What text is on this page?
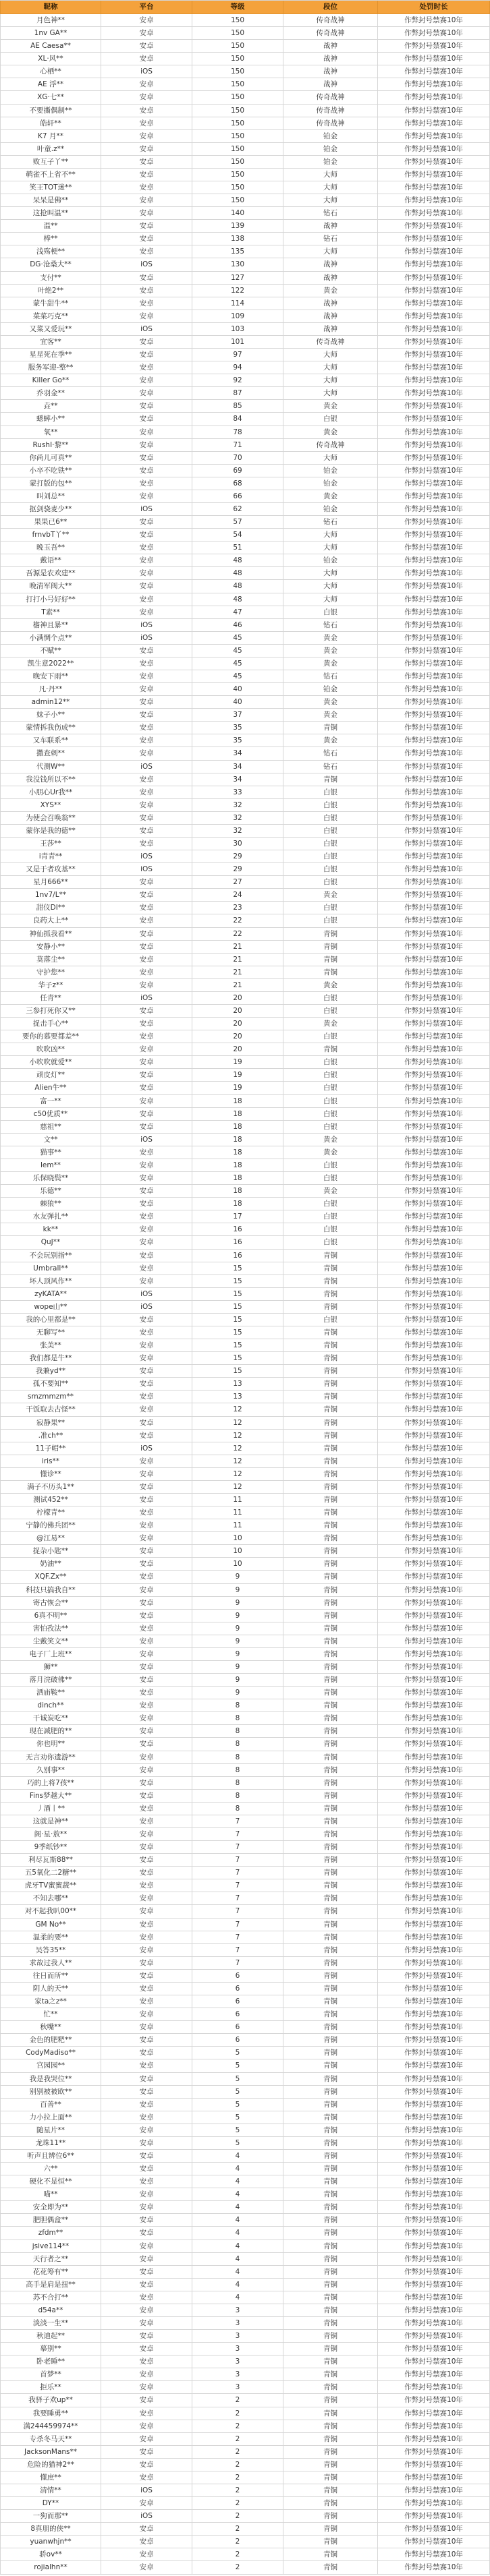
昵称	平台	等级	段位	处罚时长
月色神**	安卓	150	传奇战神	作弊封号禁赛10年
1nv GA**	安卓	150	传奇战神	作弊封号禁赛10年
AE Caesa**	安卓	150	战神	作弊封号禁赛10年
XL·风**	安卓	150	战神	作弊封号禁赛10年
心栖**	iOS	150	战神	作弊封号禁赛10年
AE 浮**	安卓	150	战神	作弊封号禁赛10年
XG·七**	安卓	150	传奇战神	作弊封号禁赛10年
不要撕偶制**	安卓	150	传奇战神	作弊封号禁赛10年
皓轩**	安卓	150	传奇战神	作弊封号禁赛10年
K7 月**	安卓	150	铂金	作弊封号禁赛10年
叶童.z**	安卓	150	铂金	作弊封号禁赛10年
败互子丫**	安卓	150	铂金	作弊封号禁赛10年
鹌雀不上省不**	安卓	150	大师	作弊封号禁赛10年
笑王TOT迷**	安卓	150	大师	作弊封号禁赛10年
呆呆是佛**	安卓	150	大师	作弊封号禁赛10年
这抢叫温**	安卓	140	钻石	作弊封号禁赛10年
温**	安卓	139	战神	作弊封号禁赛10年
棒**	安卓	138	钻石	作弊封号禁赛10年
浅殇梗**	安卓	135	大师	作弊封号禁赛10年
DG·沧桑大**	iOS	130	战神	作弊封号禁赛10年
支付**	安卓	127	战神	作弊封号禁赛10年
叶绝2**	安卓	122	黄金	作弊封号禁赛10年
蒙牛甜牛**	安卓	114	战神	作弊封号禁赛10年
菜菜巧克**	安卓	109	战神	作弊封号禁赛10年
又菜又爱玩**	iOS	103	战神	作弊封号禁赛10年
宜客**	安卓	101	传奇战神	作弊封号禁赛10年
星星死在季**	安卓	97	大师	作弊封号禁赛10年
服务军迎-整**	安卓	94	大师	作弊封号禁赛10年
Killer Go**	安卓	92	大师	作弊封号禁赛10年
乔羽金**	安卓	87	大师	作弊封号禁赛10年
垚**	安卓	85	黄金	作弊封号禁赛10年
蟋蟀小**	安卓	84	白银	作弊封号禁赛10年
氧**	安卓	78	黄金	作弊封号禁赛10年
RushI·黎**	安卓	71	传奇战神	作弊封号禁赛10年
你尚儿可真**	安卓	70	大师	作弊封号禁赛10年
小卒不吃铁**	安卓	69	铂金	作弊封号禁赛10年
蒙打版的包**	安卓	68	铂金	作弊封号禁赛10年
叫刘总**	安卓	66	黄金	作弊封号禁赛10年
抠剑骁麦少**	iOS	62	铂金	作弊封号禁赛10年
果果已6**	安卓	57	钻石	作弊封号禁赛10年
frnvbT丫**	安卓	54	大师	作弊封号禁赛10年
晚玉吾**	安卓	51	大师	作弊封号禁赛10年
戴语**	安卓	48	铂金	作弊封号禁赛10年
吾源是农欢建**	安卓	48	大师	作弊封号禁赛10年
晚清军阀大**	安卓	48	大师	作弊封号禁赛10年
打打小号好好**	安卓	48	大师	作弊封号禁赛10年
T素**	安卓	47	白银	作弊封号禁赛10年
檐神且暴**	iOS	46	钻石	作弊封号禁赛10年
小满惆个点**	iOS	45	黄金	作弊封号禁赛10年
不赋**	安卓	45	黄金	作弊封号禁赛10年
凯生意2022**	安卓	45	黄金	作弊封号禁赛10年
晚安下雨**	安卓	45	钻石	作弊封号禁赛10年
凡·丹**	安卓	40	铂金	作弊封号禁赛10年
admin12**	安卓	40	黄金	作弊封号禁赛10年
妹子小**	安卓	37	黄金	作弊封号禁赛10年
蒙情拆我伤成**	安卓	35	青铜	作弊封号禁赛10年
又车联系**	安卓	35	黄金	作弊封号禁赛10年
撒查刺**	安卓	34	钻石	作弊封号禁赛10年
代测W**	iOS	34	钻石	作弊封号禁赛10年
我没钱所以不**	安卓	34	青铜	作弊封号禁赛10年
小朋心Ur我**	安卓	33	白银	作弊封号禁赛10年
XYS**	安卓	32	白银	作弊封号禁赛10年
为使会召唤翁**	安卓	32	白银	作弊封号禁赛10年
蒙你是我的德**	安卓	32	白银	作弊封号禁赛10年
王莎**	安卓	30	白银	作弊封号禁赛10年
i青青**	iOS	29	白银	作弊封号禁赛10年
又是于者攻基**	iOS	29	白银	作弊封号禁赛10年
星月666**	安卓	27	白银	作弊封号禁赛10年
1nv7/L**	安卓	24	黄金	作弊封号禁赛10年
甜仪DI**	安卓	23	白银	作弊封号禁赛10年
良药大上**	安卓	22	白银	作弊封号禁赛10年
神仙抓我看**	安卓	22	青铜	作弊封号禁赛10年
安静小**	安卓	21	青铜	作弊封号禁赛10年
莫落尘**	安卓	21	青铜	作弊封号禁赛10年
守护您**	安卓	21	青铜	作弊封号禁赛10年
华子z**	安卓	21	黄金	作弊封号禁赛10年
任青**	iOS	20	白银	作弊封号禁赛10年
三参打死你又**	安卓	20	白银	作弊封号禁赛10年
捉击手心**	安卓	20	黄金	作弊封号禁赛10年
要你的慕要都差**	安卓	20	白银	作弊封号禁赛10年
吹吹凶**	安卓	20	青铜	作弊封号禁赛10年
小吹吹就爱**	安卓	19	白银	作弊封号禁赛10年
顽皮灯**	安卓	19	白银	作弊封号禁赛10年
Alien牛**	安卓	19	白银	作弊封号禁赛10年
富一**	安卓	18	白银	作弊封号禁赛10年
c50优质**	安卓	18	白银	作弊封号禁赛10年
慈祖**	安卓	18	白银	作弊封号禁赛10年
文**	iOS	18	黄金	作弊封号禁赛10年
猫事**	安卓	18	黄金	作弊封号禁赛10年
lem**	安卓	18	白银	作弊封号禁赛10年
乐保晓鬓**	安卓	18	白银	作弊封号禁赛10年
乐德**	安卓	18	黄金	作弊封号禁赛10年
棘狼**	安卓	18	白银	作弊封号禁赛10年
水友弹扎**	安卓	17	白银	作弊封号禁赛10年
kk**	安卓	16	白银	作弊封号禁赛10年
QuJ**	安卓	16	白银	作弊封号禁赛10年
不会玩别指**	安卓	16	青铜	作弊封号禁赛10年
Umbrall**	安卓	15	青铜	作弊封号禁赛10年
坏人顶风作**	安卓	15	青铜	作弊封号禁赛10年
zyKATA**	iOS	15	青铜	作弊封号禁赛10年
wope山**	iOS	15	青铜	作弊封号禁赛10年
我的心里都是**	安卓	15	白银	作弊封号禁赛10年
无聊写**	安卓	15	青铜	作弊封号禁赛10年
张美**	安卓	15	青铜	作弊封号禁赛10年
我们都是牛**	安卓	15	青铜	作弊封号禁赛10年
我兼yd**	安卓	15	青铜	作弊封号禁赛10年
孤不要知**	安卓	13	青铜	作弊封号禁赛10年
smzmmzm**	安卓	13	青铜	作弊封号禁赛10年
干饭取去古怪**	安卓	12	青铜	作弊封号禁赛10年
寂静果**	安卓	12	青铜	作弊封号禁赛10年
.准ch**	安卓	12	青铜	作弊封号禁赛10年
11子帽**	iOS	12	青铜	作弊封号禁赛10年
iris**	安卓	12	青铜	作弊封号禁赛10年
懂诊**	安卓	12	青铜	作弊封号禁赛10年
满子不历头1**	安卓	12	青铜	作弊封号禁赛10年
测试452**	安卓	11	青铜	作弊封号禁赛10年
柠檬青**	安卓	11	青铜	作弊封号禁赛10年
宁静的佛兵团**	安卓	11	青铜	作弊封号禁赛10年
@江易**	安卓	10	青铜	作弊封号禁赛10年
捉杂小匙**	安卓	10	青铜	作弊封号禁赛10年
奶油**	安卓	10	青铜	作弊封号禁赛10年
XQF.Zx**	安卓	9	青铜	作弊封号禁赛10年
科技只搞我自**	安卓	9	青铜	作弊封号禁赛10年
寄古恢会**	安卓	9	青铜	作弊封号禁赛10年
6真不明**	安卓	9	青铜	作弊封号禁赛10年
害怕孜法**	安卓	9	青铜	作弊封号禁赛10年
尘戴笑文**	安卓	9	青铜	作弊封号禁赛10年
电子厂上班**	安卓	9	青铜	作弊封号禁赛10年
狮**	安卓	9	青铜	作弊封号禁赛10年
落月浣破佛**	安卓	9	青铜	作弊封号禁赛10年
洒庙鞍**	安卓	9	青铜	作弊封号禁赛10年
dinch**	安卓	8	青铜	作弊封号禁赛10年
干诚炭吃**	安卓	8	青铜	作弊封号禁赛10年
现在减肥的**	安卓	8	青铜	作弊封号禁赛10年
你也明**	安卓	8	青铜	作弊封号禁赛10年
无言劝你遗游**	安卓	8	青铜	作弊封号禁赛10年
久别事**	安卓	8	青铜	作弊封号禁赛10年
巧的上将7孩**	安卓	8	青铜	作弊封号禁赛10年
Fins梦越大**	安卓	8	青铜	作弊封号禁赛10年
丿酒丨**	安卓	8	青铜	作弊封号禁赛10年
这就是神**	安卓	7	青铜	作弊封号禁赛10年
阁·星·敖**	安卓	7	青铜	作弊封号禁赛10年
9季纸钞**	安卓	7	青铜	作弊封号禁赛10年
利尽瓦斯88**	安卓	7	青铜	作弊封号禁赛10年
五5氧化二2糖**	安卓	7	青铜	作弊封号禁赛10年
虎牙TV蜜蜜蔬**	安卓	7	青铜	作弊封号禁赛10年
不知去哪**	安卓	7	青铜	作弊封号禁赛10年
对不起我叭00**	安卓	7	青铜	作弊封号禁赛10年
GM No**	安卓	7	青铜	作弊封号禁赛10年
温柔的要**	安卓	7	青铜	作弊封号禁赛10年
吴答35**	安卓	7	青铜	作弊封号禁赛10年
求故过我人**	安卓	7	青铜	作弊封号禁赛10年
往日而所**	安卓	6	青铜	作弊封号禁赛10年
阴人的天**	安卓	6	青铜	作弊封号禁赛10年
家ta之z**	安卓	6	青铜	作弊封号禁赛10年
忙**	安卓	6	青铜	作弊封号禁赛10年
秋嘴**	安卓	6	青铜	作弊封号禁赛10年
金色的肥粑**	安卓	6	青铜	作弊封号禁赛10年
CodyMadiso**	安卓	5	青铜	作弊封号禁赛10年
宫园园**	安卓	5	青铜	作弊封号禁赛10年
我是我哭位**	安卓	5	青铜	作弊封号禁赛10年
别别被被欧**	安卓	5	青铜	作弊封号禁赛10年
百善**	安卓	5	青铜	作弊封号禁赛10年
力小拉上面**	安卓	5	青铜	作弊封号禁赛10年
随星片**	安卓	5	青铜	作弊封号禁赛10年
龙珠11**	安卓	5	青铜	作弊封号禁赛10年
听声且辨位6**	安卓	4	青铜	作弊封号禁赛10年
六**	安卓	4	青铜	作弊封号禁赛10年
硬化不是恒**	安卓	4	青铜	作弊封号禁赛10年
喵**	安卓	4	青铜	作弊封号禁赛10年
安全即为**	安卓	4	青铜	作弊封号禁赛10年
肥胆偶盒**	安卓	4	青铜	作弊封号禁赛10年
zfdm**	安卓	4	青铜	作弊封号禁赛10年
jsive114**	安卓	4	青铜	作弊封号禁赛10年
天行者之**	安卓	4	青铜	作弊封号禁赛10年
花花筹有**	安卓	4	青铜	作弊封号禁赛10年
高手是肩是扭**	安卓	4	青铜	作弊封号禁赛10年
苏不合打**	安卓	4	青铜	作弊封号禁赛10年
d54a**	安卓	3	青铜	作弊封号禁赛10年
淡淡一生**	安卓	3	青铜	作弊封号禁赛10年
秋迪起**	安卓	3	青铜	作弊封号禁赛10年
摹别**	安卓	3	青铜	作弊封号禁赛10年
卧老睡**	安卓	3	青铜	作弊封号禁赛10年
首梦**	安卓	3	青铜	作弊封号禁赛10年
拒乐**	安卓	3	青铜	作弊封号禁赛10年
我驿子欢up**	安卓	2	青铜	作弊封号禁赛10年
我要睡勇**	安卓	2	青铜	作弊封号禁赛10年
满244459974**	安卓	2	青铜	作弊封号禁赛10年
专杀冬马天**	安卓	2	青铜	作弊封号禁赛10年
JacksonMans**	安卓	2	青铜	作弊封号禁赛10年
危险的猫神2**	安卓	2	青铜	作弊封号禁赛10年
懂庶**	安卓	2	青铜	作弊封号禁赛10年
清情**	iOS	2	青铜	作弊封号禁赛10年
DY**	安卓	2	青铜	作弊封号禁赛10年
一狗而那**	iOS	2	青铜	作弊封号禁赛10年
8真朋的侠**	安卓	2	青铜	作弊封号禁赛10年
yuanwhjn**	安卓	2	青铜	作弊封号禁赛10年
骄ov**	安卓	2	青铜	作弊封号禁赛10年
rojialhn**	安卓	2	青铜	作弊封号禁赛10年
